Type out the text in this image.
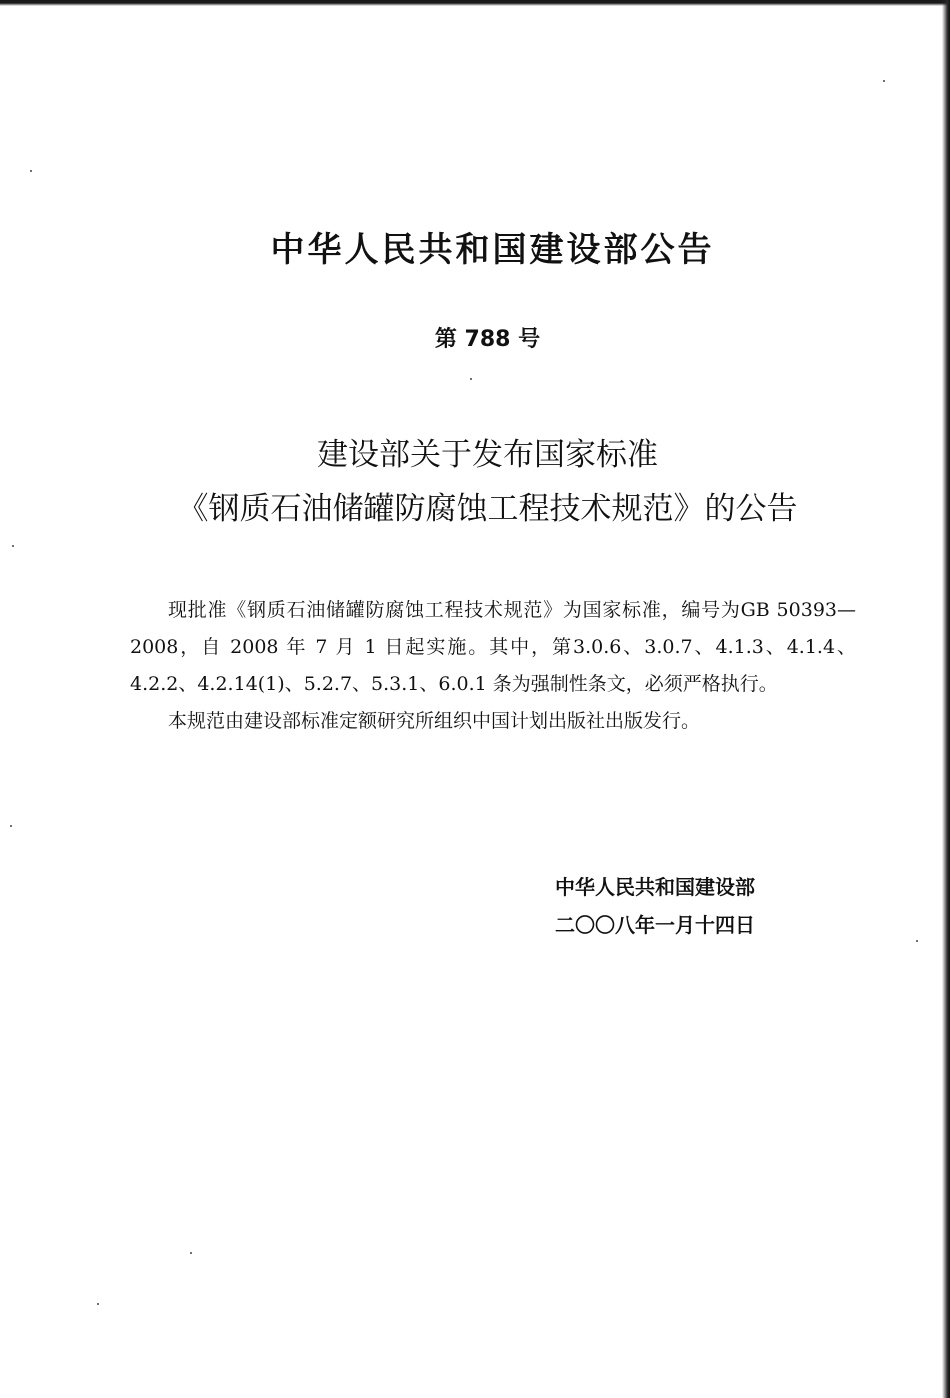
中华人民共和国建设部公告
第 788 号
建设部关于发布国家标准
《钢质石油储罐防腐蚀工程技术规范》的公告

现批准《钢质石油储罐防腐蚀工程技术规范》为国家标准，编号为GB 50393—2008，自 2008 年 7 月 1 日起实施。其中，第3.0.6、3.0.7、4.1.3、4.1.4、4.2.2、4.2.14(1)、5.2.7、5.3.1、6.0.1 条为强制性条文，必须严格执行。

本规范由建设部标准定额研究所组织中国计划出版社出版发行。

中华人民共和国建设部
二〇〇八年一月十四日
